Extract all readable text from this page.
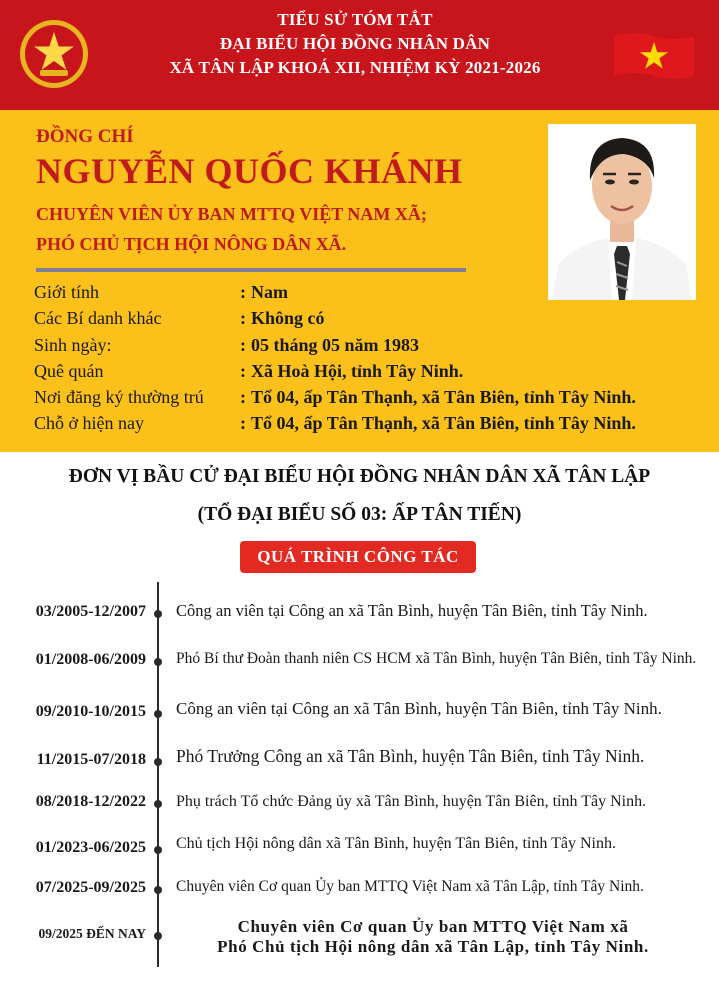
TIỂU SỬ TÓM TẮT
ĐẠI BIỂU HỘI ĐỒNG NHÂN DÂN
XÃ TÂN LẬP KHOÁ XII, NHIỆM KỲ 2021-2026
ĐỒNG CHÍ
NGUYỄN QUỐC KHÁNH
CHUYÊN VIÊN ỦY BAN MTTQ VIỆT NAM XÃ;
PHÓ CHỦ TỊCH HỘI NÔNG DÂN XÃ.
Giới tính	: Nam
Các Bí danh khác	: Không có
Sinh ngày:	: 05 tháng 05 năm 1983
Quê quán	: Xã Hoà Hội, tỉnh Tây Ninh.
Nơi đăng ký thường trú : Tổ 04, ấp Tân Thạnh, xã Tân Biên, tỉnh Tây Ninh.
Chỗ ở hiện nay	: Tổ 04, ấp Tân Thạnh, xã Tân Biên, tỉnh Tây Ninh.
ĐƠN VỊ BẦU CỬ ĐẠI BIỂU HỘI ĐỒNG NHÂN DÂN XÃ TÂN LẬP
(TỔ ĐẠI BIỂU SỐ 03: ẤP TÂN TIẾN)
QUÁ TRÌNH CÔNG TÁC
03/2005-12/2007 Công an viên tại Công an xã Tân Bình, huyện Tân Biên, tỉnh Tây Ninh.
01/2008-06/2009 Phó Bí thư Đoàn thanh niên CS HCM xã Tân Bình, huyện Tân Biên, tỉnh Tây Ninh.
09/2010-10/2015 Công an viên tại Công an xã Tân Bình, huyện Tân Biên, tỉnh Tây Ninh.
11/2015-07/2018 Phó Trưởng Công an xã Tân Bình, huyện Tân Biên, tỉnh Tây Ninh.
08/2018-12/2022 Phụ trách Tổ chức Đảng ủy xã Tân Bình, huyện Tân Biên, tỉnh Tây Ninh.
01/2023-06/2025 Chủ tịch Hội nông dân xã Tân Bình, huyện Tân Biên, tỉnh Tây Ninh.
07/2025-09/2025 Chuyên viên Cơ quan Ủy ban MTTQ Việt Nam xã Tân Lập, tỉnh Tây Ninh.
09/2025 ĐẾN NAY	Chuyên viên Cơ quan Ủy ban MTTQ Việt Nam xã
Phó Chủ tịch Hội nông dân xã Tân Lập, tỉnh Tây Ninh.
